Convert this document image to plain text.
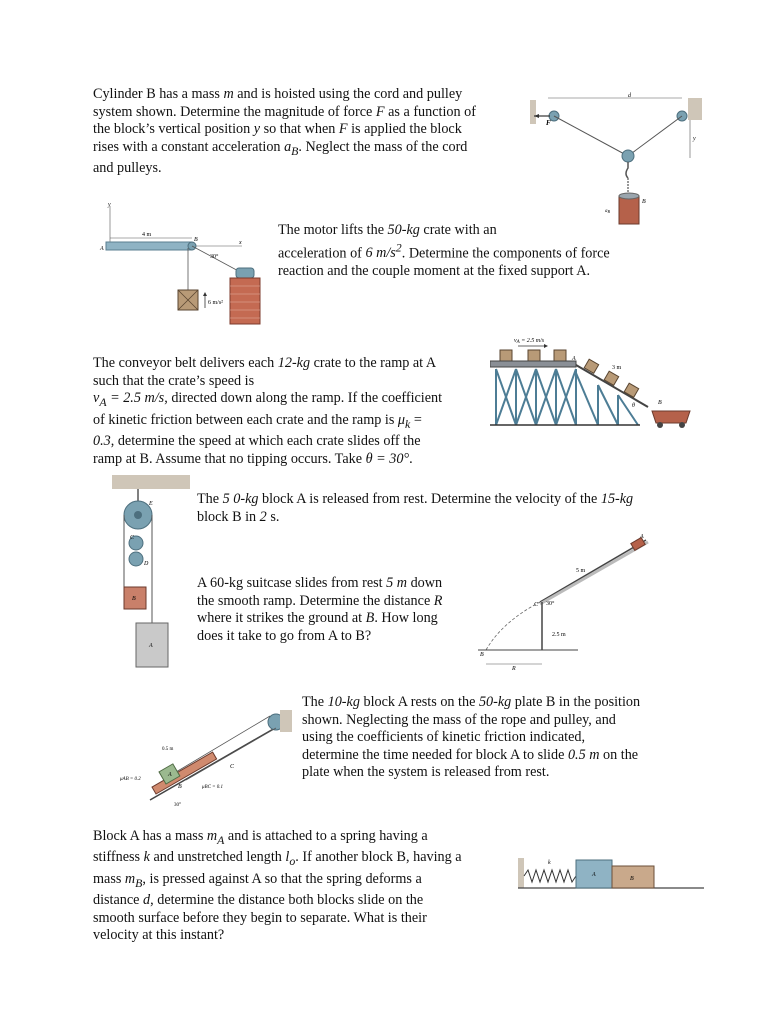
Cylinder B has a mass m and is hoisted using the cord and pulley
system shown. Determine the magnitude of force F as a function of
the block’s vertical position y so that when F is applied the block
rises with a constant acceleration $a_B$. Neglect the mass of the cord
and pulleys.
The motor lifts the 50-kg crate with an
acceleration of 6 $m/s^2$. Determine the components of force
reaction and the couple moment at the fixed support A.
The conveyor belt delivers each 12-kg crate to the ramp at A
such that the crate’s speed is
$v_A = 2.5$ m/s, directed down along the ramp. If the coefficient
of kinetic friction between each crate and the ramp is $\mu_k$ =
0.3, determine the speed at which each crate slides off the
ramp at B. Assume that no tipping occurs. Take θ = 30°.
The 5 0-kg block A is released from rest. Determine the velocity of the 15-kg
block B in 2 s.
A 60-kg suitcase slides from rest 5 m down
the smooth ramp. Determine the distance R
where it strikes the ground at B. How long
does it take to go from A to B?
The 10-kg block A rests on the 50-kg plate B in the position
shown. Neglecting the mass of the rope and pulley, and
using the coefficients of kinetic friction indicated,
determine the time needed for block A to slide 0.5 m on the
plate when the system is released from rest.
Block A has a mass $m_A$ and is attached to a spring having a
stiffness k and unstretched length $l_o$. If another block B, having a
mass $m_B$, is pressed against A so that the spring deforms a
distance d, determine the distance both blocks slide on the
smooth surface before they begin to separate. What is their
velocity at this instant?
d
F
y
$a_B$
B
y
4 m
A
B	x
30°
6 m/s²
vA = 2.5 m/s
A
3 m
θ	B
E
C
D
B
A
A
5 m
C 30°
2.5 m
B
R
A
B
C
0.5 m
μAB = 0.2
μBC = 0.1
30°
k
A
B
